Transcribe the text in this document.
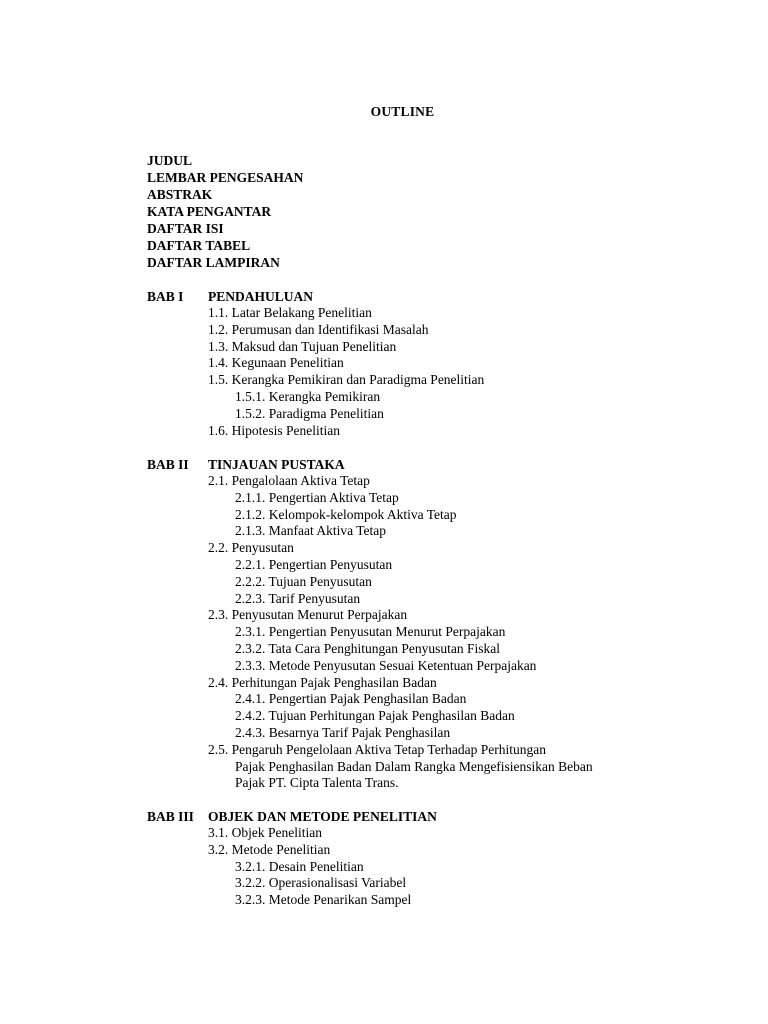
OUTLINE
JUDUL
LEMBAR PENGESAHAN
ABSTRAK
KATA PENGANTAR
DAFTAR ISI
DAFTAR TABEL
DAFTAR LAMPIRAN
BAB I PENDAHULUAN
1.1. Latar Belakang Penelitian
1.2. Perumusan dan Identifikasi Masalah
1.3. Maksud dan Tujuan Penelitian
1.4. Kegunaan Penelitian
1.5. Kerangka Pemikiran dan Paradigma Penelitian
1.5.1. Kerangka Pemikiran
1.5.2. Paradigma Penelitian
1.6. Hipotesis Penelitian
BAB II TINJAUAN PUSTAKA
2.1. Pengalolaan Aktiva Tetap
2.1.1. Pengertian Aktiva Tetap
2.1.2. Kelompok-kelompok Aktiva Tetap
2.1.3. Manfaat Aktiva Tetap
2.2. Penyusutan
2.2.1. Pengertian Penyusutan
2.2.2. Tujuan Penyusutan
2.2.3. Tarif Penyusutan
2.3. Penyusutan Menurut Perpajakan
2.3.1. Pengertian Penyusutan Menurut Perpajakan
2.3.2. Tata Cara Penghitungan Penyusutan Fiskal
2.3.3. Metode Penyusutan Sesuai Ketentuan Perpajakan
2.4. Perhitungan Pajak Penghasilan Badan
2.4.1. Pengertian Pajak Penghasilan Badan
2.4.2. Tujuan Perhitungan Pajak Penghasilan Badan
2.4.3. Besarnya Tarif Pajak Penghasilan
2.5. Pengaruh Pengelolaan Aktiva Tetap Terhadap Perhitungan
Pajak Penghasilan Badan Dalam Rangka Mengefisiensikan Beban
Pajak PT. Cipta Talenta Trans.
BAB III OBJEK DAN METODE PENELITIAN
3.1. Objek Penelitian
3.2. Metode Penelitian
3.2.1. Desain Penelitian
3.2.2. Operasionalisasi Variabel
3.2.3. Metode Penarikan Sampel
